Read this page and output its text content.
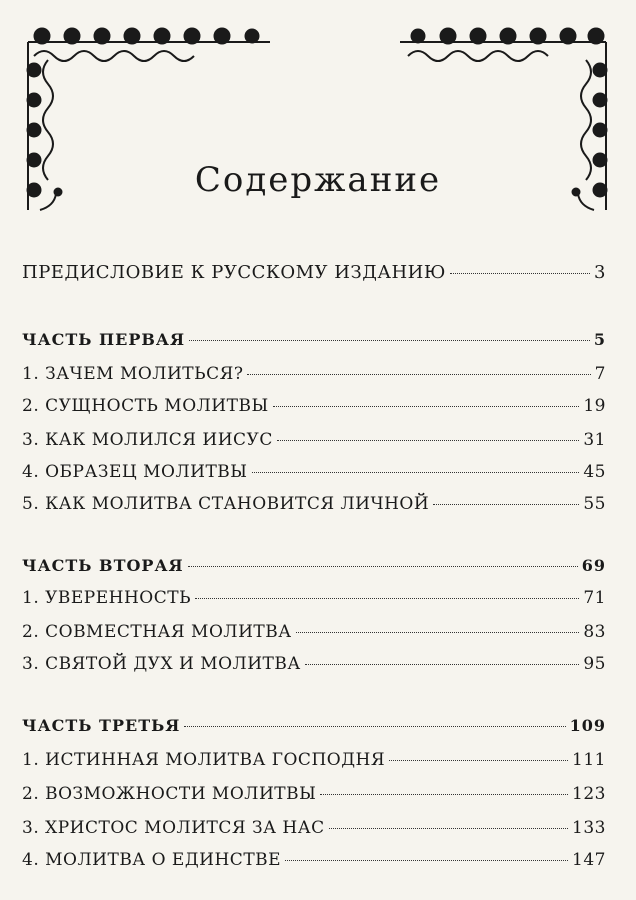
Содержание
ПРЕДИСЛОВИЕ К РУССКОМУ ИЗДАНИЮ	3
ЧАСТЬ ПЕРВАЯ	5
1. ЗАЧЕМ МОЛИТЬСЯ?	7
2. СУЩНОСТЬ МОЛИТВЫ	19
3. КАК МОЛИЛСЯ ИИСУС	31
4. ОБРАЗЕЦ МОЛИТВЫ	45
5. КАК МОЛИТВА СТАНОВИТСЯ ЛИЧНОЙ	55
ЧАСТЬ ВТОРАЯ	69
1. УВЕРЕННОСТЬ	71
2. СОВМЕСТНАЯ МОЛИТВА	83
3. СВЯТОЙ ДУХ И МОЛИТВА	95
ЧАСТЬ ТРЕТЬЯ	109
1. ИСТИННАЯ МОЛИТВА ГОСПОДНЯ	111
2. ВОЗМОЖНОСТИ МОЛИТВЫ	123
3. ХРИСТОС МОЛИТСЯ ЗА НАС	133
4. МОЛИТВА О ЕДИНСТВЕ	147
